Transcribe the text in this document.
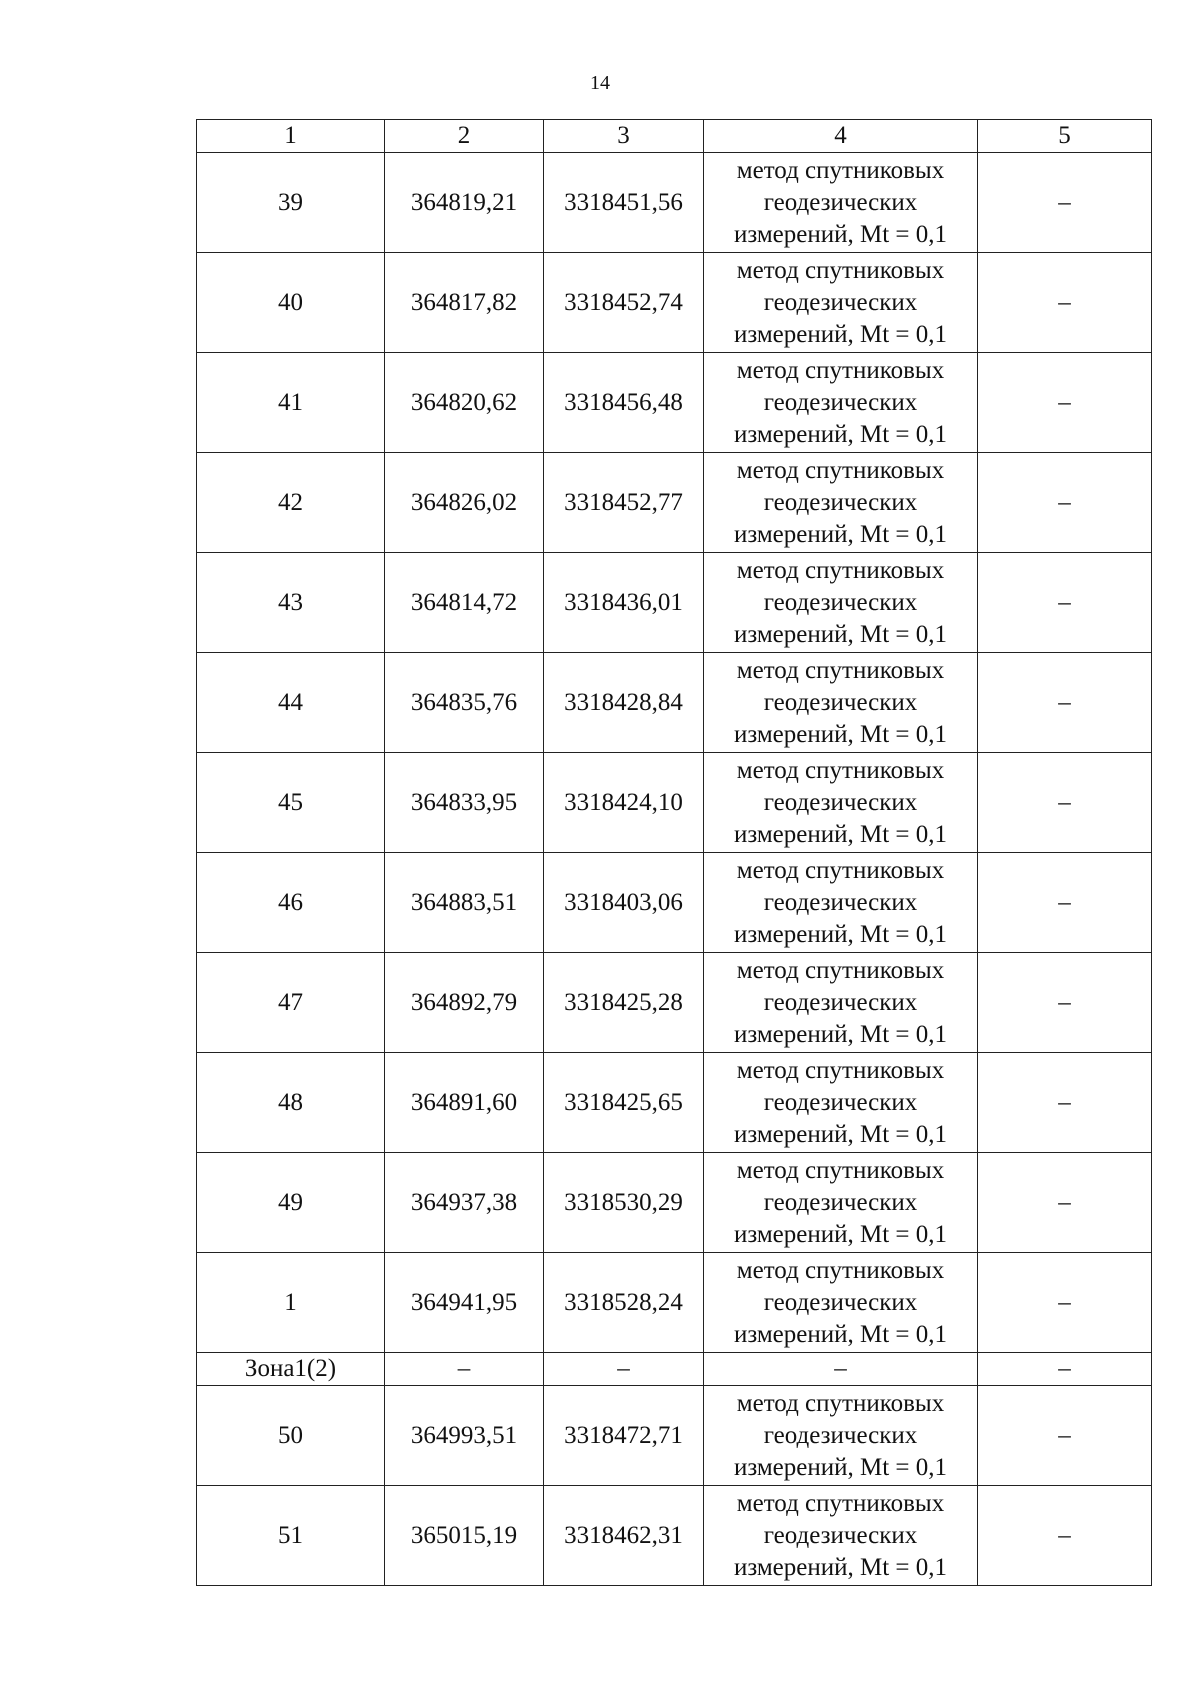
14
1	2	3	4	5
39	364819,21	3318451,56	метод спутниковых
геодезических
измерений, Mt = 0,1	–
40	364817,82	3318452,74	метод спутниковых
геодезических
измерений, Mt = 0,1	–
41	364820,62	3318456,48	метод спутниковых
геодезических
измерений, Mt = 0,1	–
42	364826,02	3318452,77	метод спутниковых
геодезических
измерений, Mt = 0,1	–
43	364814,72	3318436,01	метод спутниковых
геодезических
измерений, Mt = 0,1	–
44	364835,76	3318428,84	метод спутниковых
геодезических
измерений, Mt = 0,1	–
45	364833,95	3318424,10	метод спутниковых
геодезических
измерений, Mt = 0,1	–
46	364883,51	3318403,06	метод спутниковых
геодезических
измерений, Mt = 0,1	–
47	364892,79	3318425,28	метод спутниковых
геодезических
измерений, Mt = 0,1	–
48	364891,60	3318425,65	метод спутниковых
геодезических
измерений, Mt = 0,1	–
49	364937,38	3318530,29	метод спутниковых
геодезических
измерений, Mt = 0,1	–
1	364941,95	3318528,24	метод спутниковых
геодезических
измерений, Mt = 0,1	–
Зона1(2)	–	–	–	–
50	364993,51	3318472,71	метод спутниковых
геодезических
измерений, Mt = 0,1	–
51	365015,19	3318462,31	метод спутниковых
геодезических
измерений, Mt = 0,1	–
